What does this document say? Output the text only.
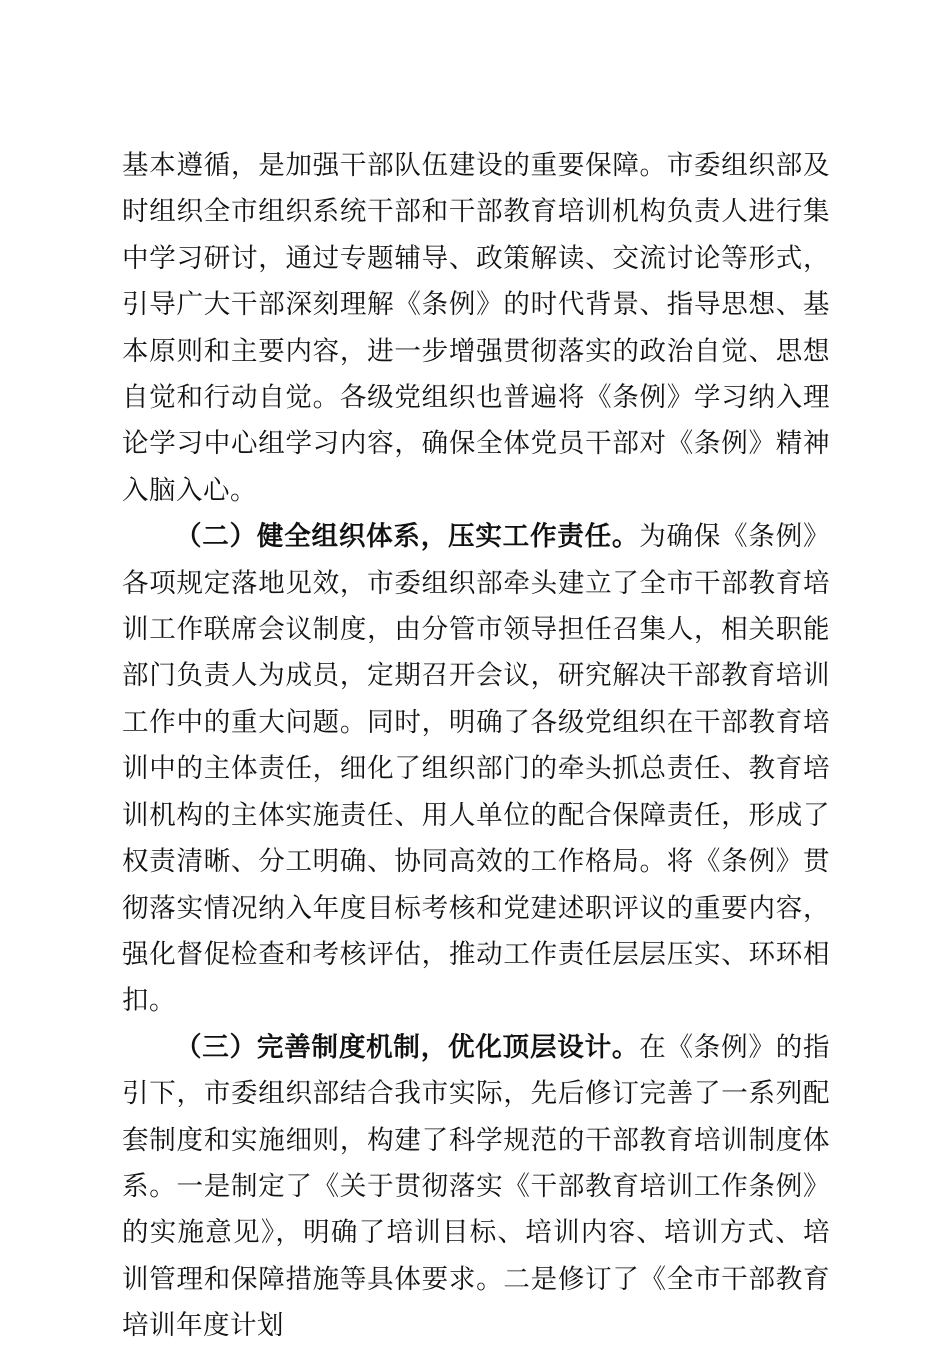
基本遵循，是加强干部队伍建设的重要保障。市委组织部及时组织全市组织系统干部和干部教育培训机构负责人进行集中学习研讨，通过专题辅导、政策解读、交流讨论等形式，引导广大干部深刻理解《条例》的时代背景、指导思想、基本原则和主要内容，进一步增强贯彻落实的政治自觉、思想自觉和行动自觉。各级党组织也普遍将《条例》学习纳入理论学习中心组学习内容，确保全体党员干部对《条例》精神入脑入心。

（二）健全组织体系，压实工作责任。为确保《条例》各项规定落地见效，市委组织部牵头建立了全市干部教育培训工作联席会议制度，由分管市领导担任召集人，相关职能部门负责人为成员，定期召开会议，研究解决干部教育培训工作中的重大问题。同时，明确了各级党组织在干部教育培训中的主体责任，细化了组织部门的牵头抓总责任、教育培训机构的主体实施责任、用人单位的配合保障责任，形成了权责清晰、分工明确、协同高效的工作格局。将《条例》贯彻落实情况纳入年度目标考核和党建述职评议的重要内容，强化督促检查和考核评估，推动工作责任层层压实、环环相扣。

（三）完善制度机制，优化顶层设计。在《条例》的指引下，市委组织部结合我市实际，先后修订完善了一系列配套制度和实施细则，构建了科学规范的干部教育培训制度体系。一是制定了《关于贯彻落实《干部教育培训工作条例》的实施意见》，明确了培训目标、培训内容、培训方式、培训管理和保障措施等具体要求。二是修订了《全市干部教育培训年度计划
